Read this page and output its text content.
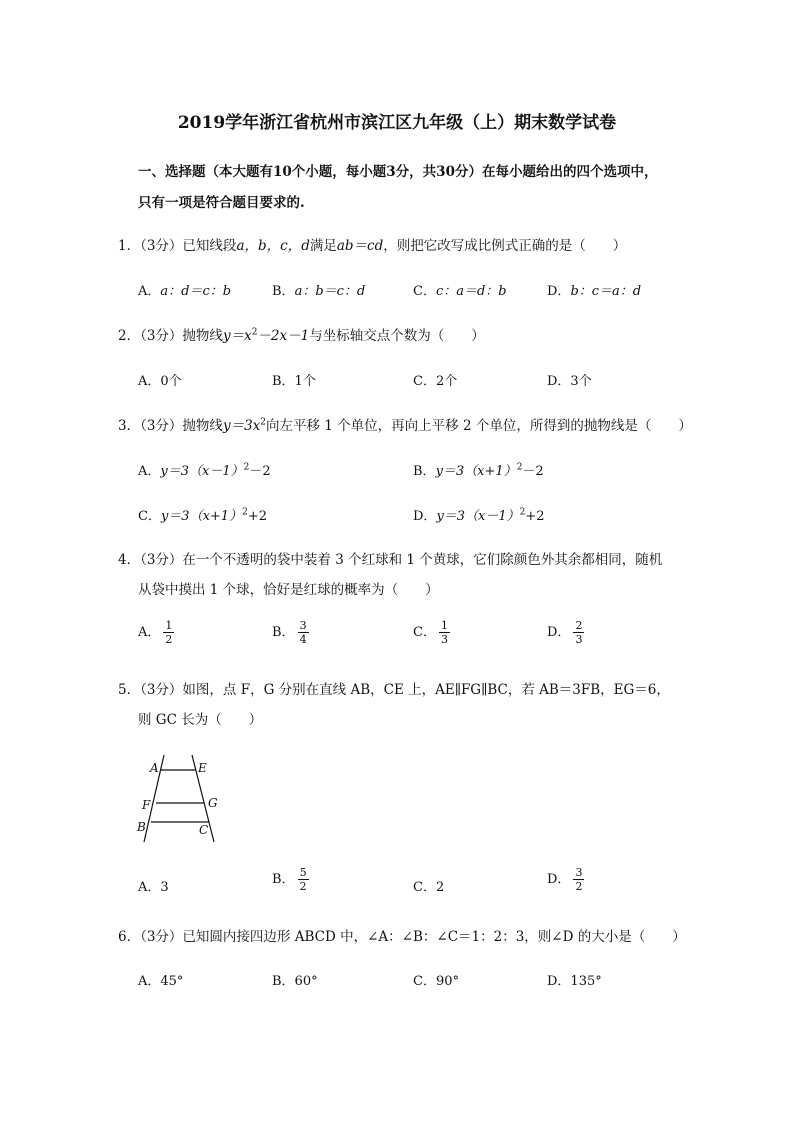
2019学年浙江省杭州市滨江区九年级（上）期末数学试卷
一、选择题（本大题有10个小题，每小题3分，共30分）在每小题给出的四个选项中，
只有一项是符合题目要求的.
1．（3分）已知线段a，b，c，d满足ab＝cd，则把它改写成比例式正确的是（　　）
A．a：d＝c：b	B．a：b＝c：d	C．c：a＝d：b	D．b：c＝a：d
2．（3分）抛物线$y=x^2-2x-1$与坐标轴交点个数为（　　）
A．0个	B．1个	C．2个	D．3个
3．（3分）抛物线$y=3x^2$向左平移 1 个单位，再向上平移 2 个单位，所得到的抛物线是（　　）
A．$y=3(x-1)^2-2$	B．$y=3(x+1)^2-2$
C．$y=3(x+1)^2+2$	D．$y=3(x-1)^2+2$
4．（3分）在一个不透明的袋中装着 3 个红球和 1 个黄球，它们除颜色外其余都相同，随机
从袋中摸出 1 个球，恰好是红球的概率为（　　）
A． $\frac{1}{2}$	B． $\frac{3}{4}$	C． $\frac{1}{3}$	D． $\frac{2}{3}$
5．（3分）如图，点 F，G 分别在直线 AB，CE 上，AE∥FG∥BC，若 AB＝3FB，EG＝6，
则 GC 长为（　　）
A	E
F	G
B	C
A．3
B． $\frac{5}{2}$	C．2
D． $\frac{3}{2}$
6．（3分）已知圆内接四边形 ABCD 中，∠A：∠B：∠C＝1：2：3，则∠D 的大小是（　　）
A．45°	B．60°	C．90°	D．135°
